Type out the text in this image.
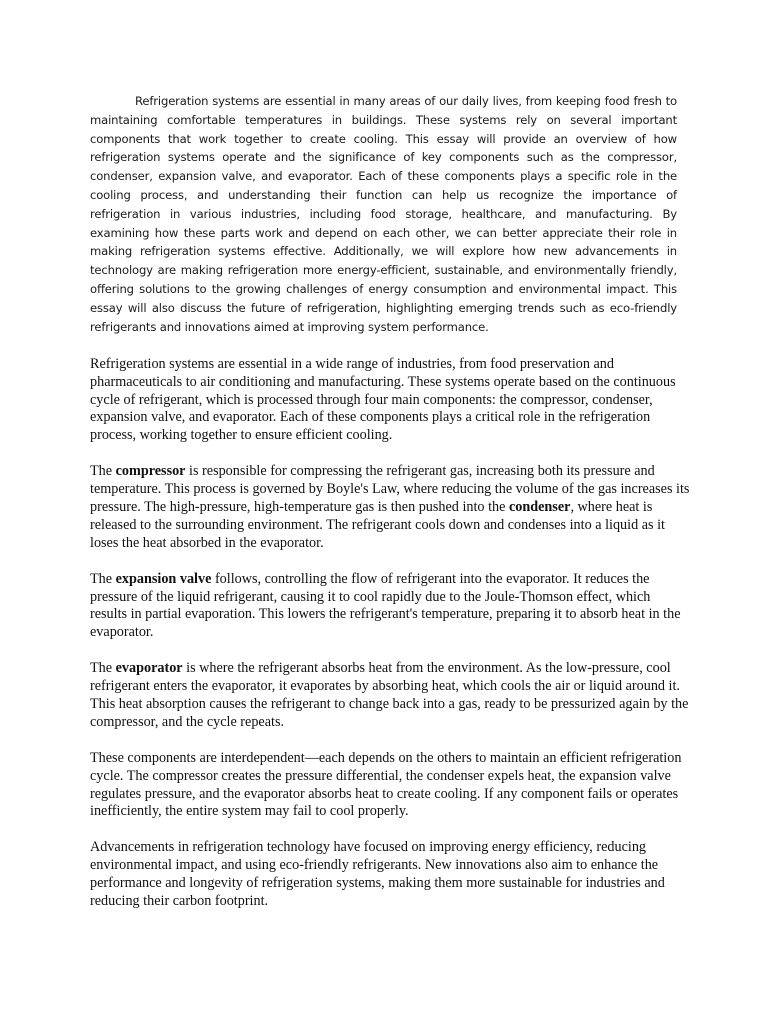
Refrigeration systems are essential in many areas of our daily lives, from keeping food fresh to maintaining comfortable temperatures in buildings. These systems rely on several important components that work together to create cooling. This essay will provide an overview of how refrigeration systems operate and the significance of key components such as the compressor, condenser, expansion valve, and evaporator. Each of these components plays a specific role in the cooling process, and understanding their function can help us recognize the importance of refrigeration in various industries, including food storage, healthcare, and manufacturing. By examining how these parts work and depend on each other, we can better appreciate their role in making refrigeration systems effective. Additionally, we will explore how new advancements in technology are making refrigeration more energy-efficient, sustainable, and environmentally friendly, offering solutions to the growing challenges of energy consumption and environmental impact. This essay will also discuss the future of refrigeration, highlighting emerging trends such as eco-friendly refrigerants and innovations aimed at improving system performance.

Refrigeration systems are essential in a wide range of industries, from food preservation and pharmaceuticals to air conditioning and manufacturing. These systems operate based on the continuous cycle of refrigerant, which is processed through four main components: the compressor, condenser, expansion valve, and evaporator. Each of these components plays a critical role in the refrigeration process, working together to ensure efficient cooling.

The compressor is responsible for compressing the refrigerant gas, increasing both its pressure and temperature. This process is governed by Boyle's Law, where reducing the volume of the gas increases its pressure. The high-pressure, high-temperature gas is then pushed into the condenser, where heat is released to the surrounding environment. The refrigerant cools down and condenses into a liquid as it loses the heat absorbed in the evaporator.

The expansion valve follows, controlling the flow of refrigerant into the evaporator. It reduces the pressure of the liquid refrigerant, causing it to cool rapidly due to the Joule-Thomson effect, which results in partial evaporation. This lowers the refrigerant's temperature, preparing it to absorb heat in the evaporator.

The evaporator is where the refrigerant absorbs heat from the environment. As the low-pressure, cool refrigerant enters the evaporator, it evaporates by absorbing heat, which cools the air or liquid around it. This heat absorption causes the refrigerant to change back into a gas, ready to be pressurized again by the compressor, and the cycle repeats.

These components are interdependent—each depends on the others to maintain an efficient refrigeration cycle. The compressor creates the pressure differential, the condenser expels heat, the expansion valve regulates pressure, and the evaporator absorbs heat to create cooling. If any component fails or operates inefficiently, the entire system may fail to cool properly.

Advancements in refrigeration technology have focused on improving energy efficiency, reducing environmental impact, and using eco-friendly refrigerants. New innovations also aim to enhance the performance and longevity of refrigeration systems, making them more sustainable for industries and reducing their carbon footprint.
